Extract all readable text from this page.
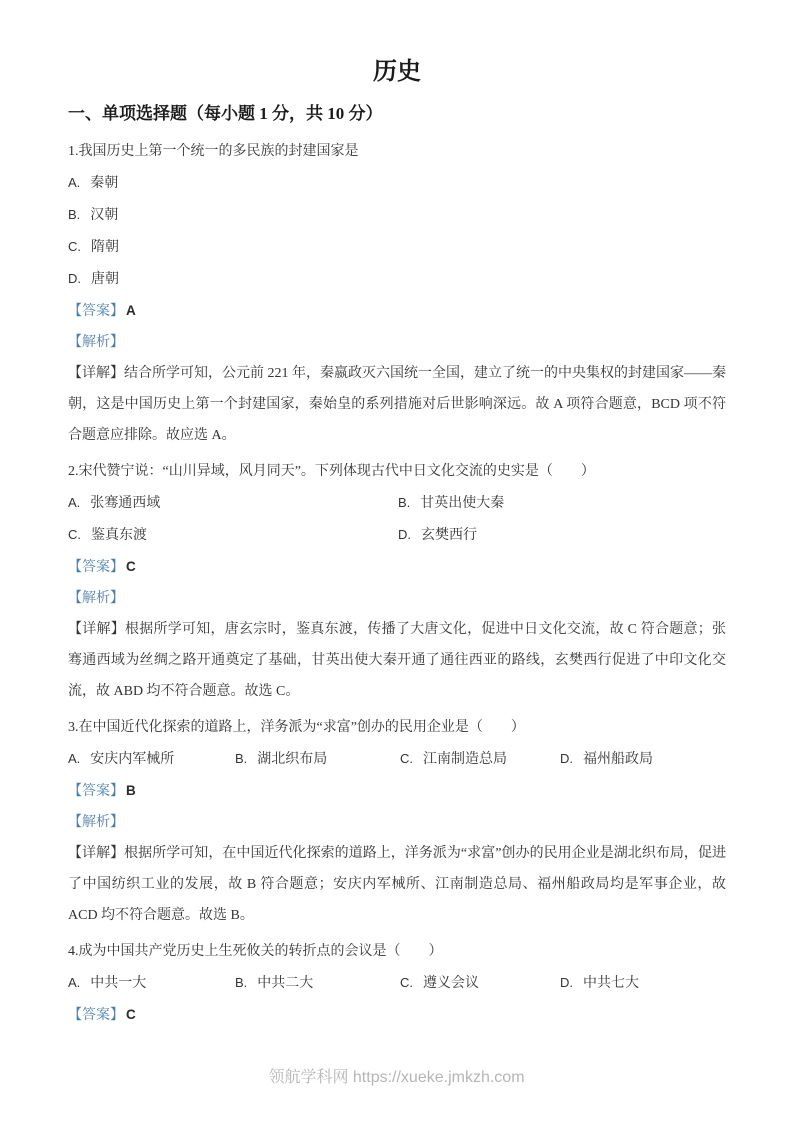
历史
一、单项选择题（每小题 1 分，共 10 分）

1.我国历史上第一个统一的多民族的封建国家是

A. 秦朝

B. 汉朝

C. 隋朝

D. 唐朝

【答案】 A

【解析】

【详解】结合所学可知，公元前 221 年，秦嬴政灭六国统一全国，建立了统一的中央集权的封建国家——秦朝，这是中国历史上第一个封建国家，秦始皇的系列措施对后世影响深远。故 A 项符合题意，BCD 项不符合题意应排除。故应选 A。

2.宋代赞宁说：“山川异域，风月同天”。下列体现古代中日文化交流的史实是（　　）

A. 张骞通西域	B. 甘英出使大秦
C. 鉴真东渡	D. 玄樊西行

【答案】 C

【解析】

【详解】根据所学可知，唐玄宗时，鉴真东渡，传播了大唐文化，促进中日文化交流，故 C 符合题意；张骞通西域为丝绸之路开通奠定了基础，甘英出使大秦开通了通往西亚的路线，玄樊西行促进了中印文化交流，故 ABD 均不符合题意。故选 C。

3.在中国近代化探索的道路上，洋务派为“求富”创办的民用企业是（　　）

A. 安庆内军械所	B. 湖北织布局	C. 江南制造总局	D. 福州船政局

【答案】 B

【解析】

【详解】根据所学可知，在中国近代化探索的道路上，洋务派为“求富”创办的民用企业是湖北织布局，促进了中国纺织工业的发展，故 B 符合题意；安庆内军械所、江南制造总局、福州船政局均是军事企业，故 ACD 均不符合题意。故选 B。

4.成为中国共产党历史上生死攸关的转折点的会议是（　　）

A. 中共一大	B. 中共二大	C. 遵义会议	D. 中共七大

【答案】 C

领航学科网 https://xueke.jmkzh.com
